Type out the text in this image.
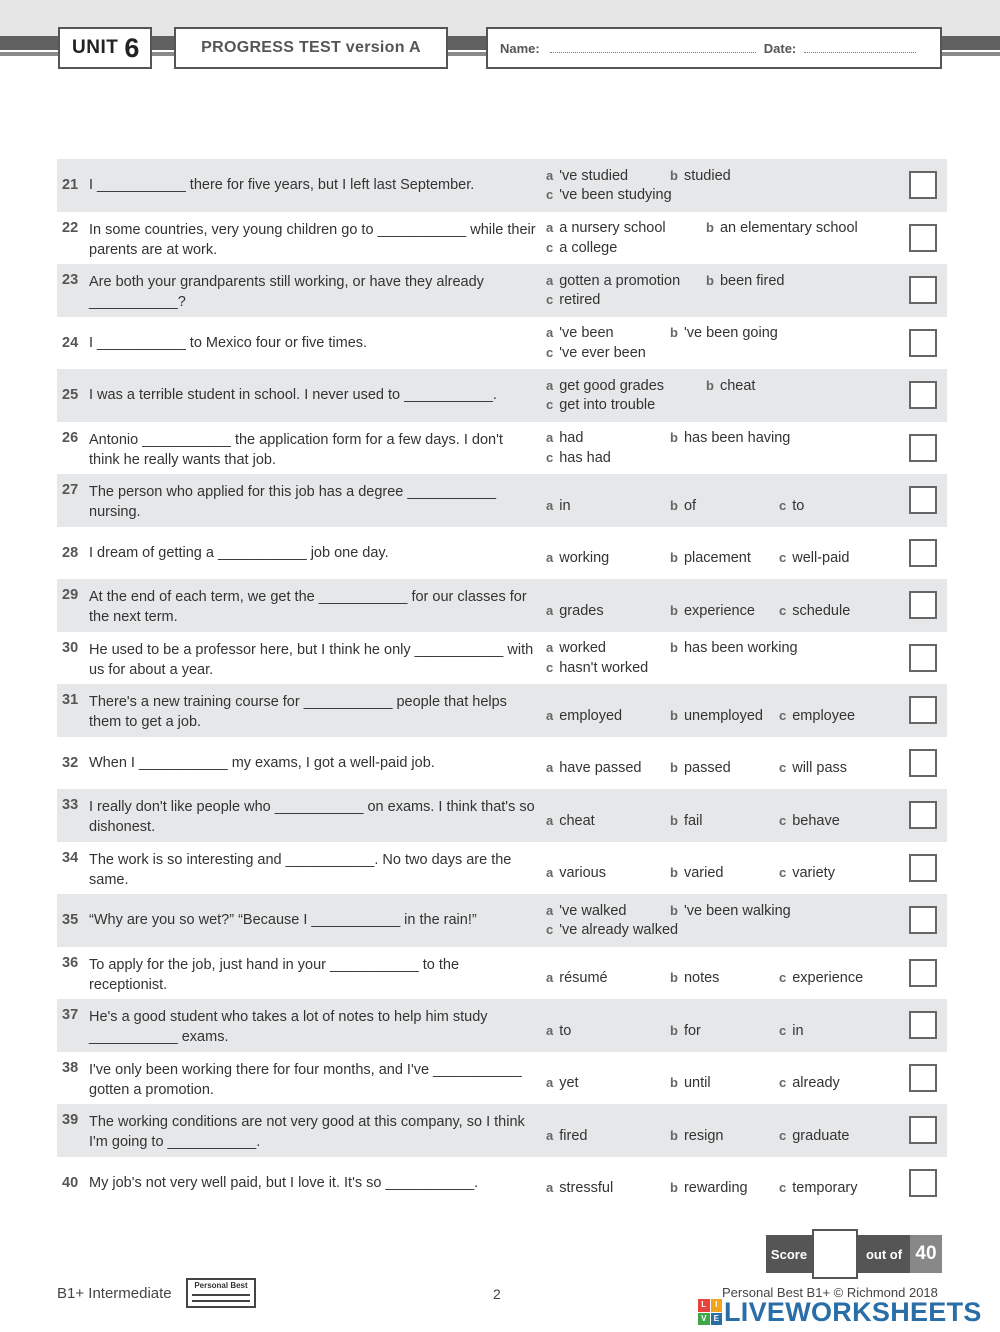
UNIT 6	PROGRESS TEST version A	Name:	Date:
21 I ___________ there for five years, but I left last September.
a 've studied	b studied
c 've been studying
22 In some countries, very young children go to ___________ while their parents are at work.
a a nursery school	b an elementary school
c a college
23 Are both your grandparents still working, or have they already ___________?
a gotten a promotion b been fired
c retired
24 I ___________ to Mexico four or five times.
a 've been	b 've been going
c 've ever been
25 I was a terrible student in school. I never used to ___________.
a get good grades	b cheat
c get into trouble
26 Antonio ___________ the application form for a few days. I don't think he really wants that job.
a had	b has been having
c has had
27 The person who applied for this job has a degree ___________ nursing.	a in	b of	c to
28 I dream of getting a ___________ job one day.	a working	b placement c well-paid
29 At the end of each term, we get the ___________ for our classes for the next term.	a grades	b experience c schedule
30 He used to be a professor here, but I think he only ___________ with us for about a year.
a worked	b has been working
c hasn't worked
31 There's a new training course for ___________ people that helps them to get a job.	a employed	b unemployed c employee
32 When I ___________ my exams, I got a well-paid job.	a have passed b passed	c will pass
33 I really don't like people who ___________ on exams. I think that's so dishonest.	a cheat	b fail	c behave
34 The work is so interesting and ___________. No two days are the same.	a various	b varied	c variety
35 “Why are you so wet?” “Because I ___________ in the rain!”
a 've walked	b 've been walking
c 've already walked
36 To apply for the job, just hand in your ___________ to the receptionist.	a résumé	b notes	c experience
37 He's a good student who takes a lot of notes to help him study ___________ exams.	a to	b for	c in
38 I've only been working there for four months, and I've ___________ gotten a promotion.	a yet	b until	c already
39 The working conditions are not very good at this company, so I think I'm going to ___________.	a fired	b resign	c graduate
40 My job's not very well paid, but I love it. It's so ___________.	a stressful	b rewarding c temporary
Score	out of 40
B1+ Intermediate	Personal Best
2	Personal Best B1+ © Richmond 2018
L	I
V E LIVEWORKSHEETS
